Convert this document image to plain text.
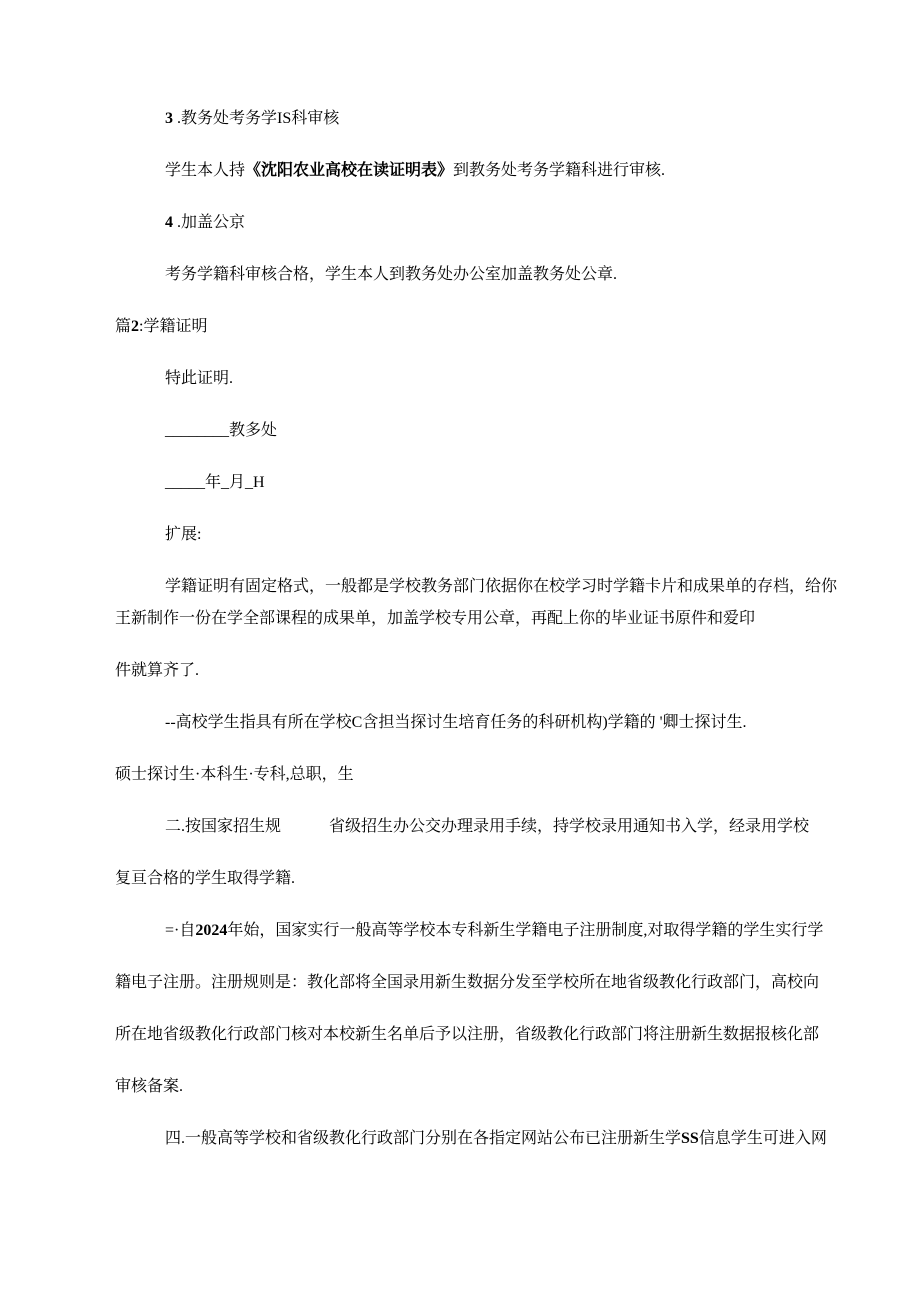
3 .教务处考务学IS科审核

学生本人持《沈阳农业高校在读证明表》到教务处考务学籍科进行审核.

4 .加盖公京

考务学籍科审核合格，学生本人到教务处办公室加盖教务处公章.

篇2:学籍证明

特此证明.

________教多处

_____年_月_H

扩展:

学籍证明有固定格式，一般都是学校教务部门依据你在校学习时学籍卡片和成果单的存档，给你

王新制作一份在学全部课程的成果单，加盖学校专用公章，再配上你的毕业证书原件和爱印

件就算齐了.

--高校学生指具有所在学校C含担当探讨生培育任务的科研机构)学籍的 '卿士探讨生.

硕士探讨生·本科生·专科,总职，生

二.按国家招生规　　　省级招生办公交办理录用手续，持学校录用通知书入学，经录用学校

复亘合格的学生取得学籍.

=·自2024年始，国家实行一般高等学校本专科新生学籍电子注册制度,对取得学籍的学生实行学

籍电子注册。注册规则是：教化部将全国录用新生数据分发至学校所在地省级教化行政部门，高校向

所在地省级教化行政部门核对本校新生名单后予以注册，省级教化行政部门将注册新生数据报核化部

审核备案.

四.一般高等学校和省级教化行政部门分别在各指定网站公布已注册新生学SS信息学生可进入网
